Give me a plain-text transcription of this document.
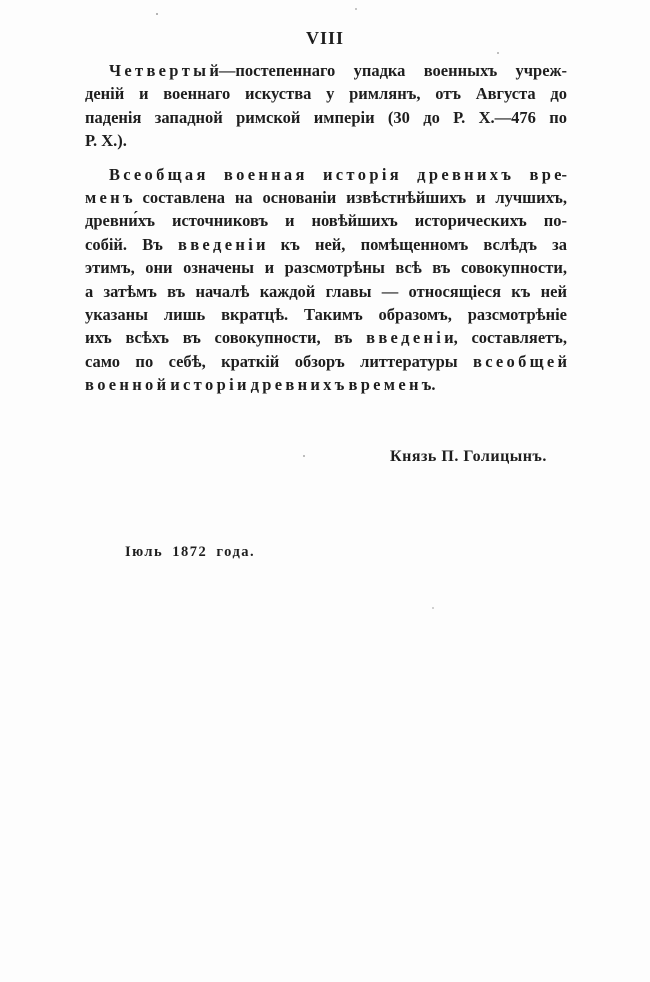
VIII
Ч е т в е р т ы й—постепеннаго упадка военныхъ учреж-
деній и военнаго искуства у римлянъ, отъ Августа до
паденія западной римской имперіи (30 до Р. Х.—476 по
Р. Х.).
В с е о б щ а я в о е н н а я и с т о р і я д р е в н и х ъ в р е-
м е н ъ составлена на основаніи извѣстнѣйшихъ и лучшихъ,
древни́хъ источниковъ и новѣйшихъ историческихъ по-
собій. Въ в в е д е н і и къ ней, помѣщенномъ вслѣдъ за
этимъ, они означены и разсмотрѣны всѣ въ совокупности,
а затѣмъ въ началѣ каждой главы — относящіеся къ ней
указаны лишь вкратцѣ. Такимъ образомъ, разсмотрѣніе
ихъ всѣхъ въ совокупности, въ в в е д е н і и, составляетъ,
само по себѣ, краткій обзоръ литтературы в с е о б щ е й
в о е н н о й и с т о р і и д р е в н и х ъ в р е м е н ъ.
Князь П. Голицынъ.
Іюль 1872 года.
